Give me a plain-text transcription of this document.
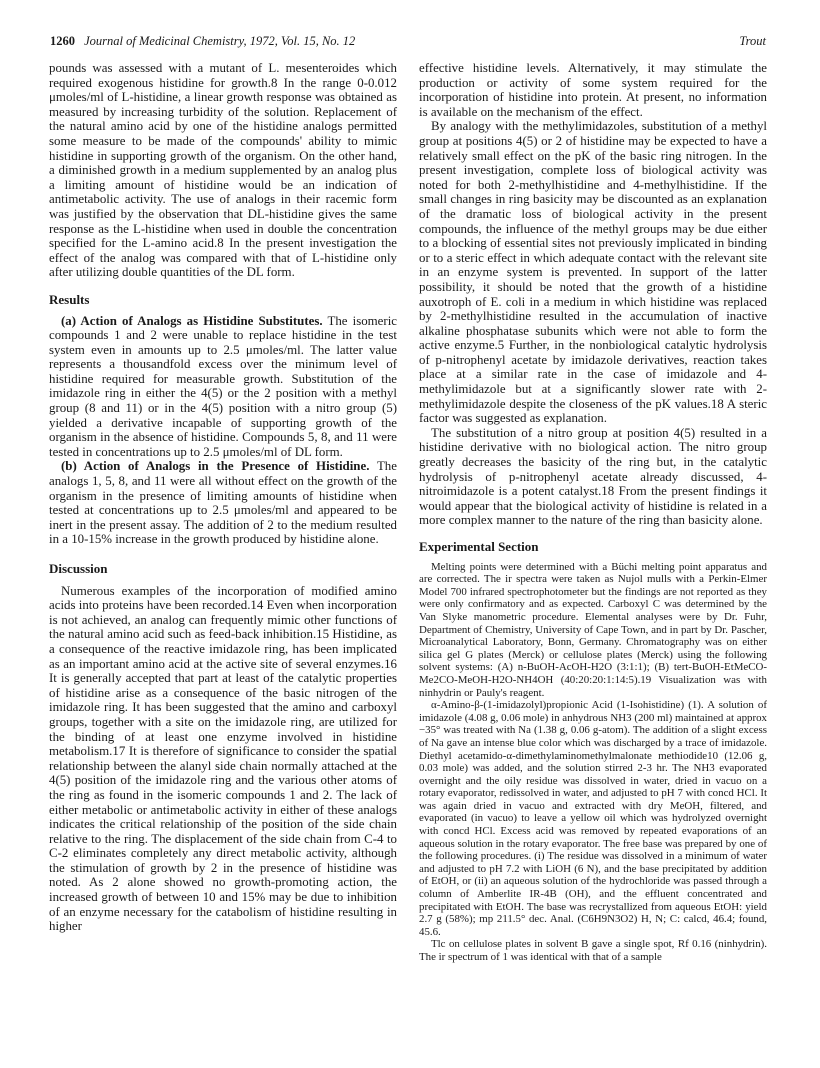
1260 Journal of Medicinal Chemistry, 1972, Vol. 15, No. 12	Trout

pounds was assessed with a mutant of L. mesenteroides which required exogenous histidine for growth.8 In the range 0-0.012 μmoles/ml of L-histidine, a linear growth response was obtained as measured by increasing turbidity of the solution. Replacement of the natural amino acid by one of the histidine analogs permitted some measure to be made of the compounds' ability to mimic histidine in supporting growth of the organism. On the other hand, a diminished growth in a medium supplemented by an analog plus a limiting amount of histidine would be an indication of antimetabolic activity. The use of analogs in their racemic form was justified by the observation that DL-histidine gives the same response as the L-histidine when used in double the concentration specified for the L-amino acid.8 In the present investigation the effect of the analog was compared with that of L-histidine only after utilizing double quantities of the DL form.

Results

(a) Action of Analogs as Histidine Substitutes. The isomeric compounds 1 and 2 were unable to replace histidine in the test system even in amounts up to 2.5 μmoles/ml. The latter value represents a thousandfold excess over the minimum level of histidine required for measurable growth. Substitution of the imidazole ring in either the 4(5) or the 2 position with a methyl group (8 and 11) or in the 4(5) position with a nitro group (5) yielded a derivative incapable of supporting growth of the organism in the absence of histidine. Compounds 5, 8, and 11 were tested in concentrations up to 2.5 μmoles/ml of DL form.

(b) Action of Analogs in the Presence of Histidine. The analogs 1, 5, 8, and 11 were all without effect on the growth of the organism in the presence of limiting amounts of histidine when tested at concentrations up to 2.5 μmoles/ml and appeared to be inert in the present assay. The addition of 2 to the medium resulted in a 10-15% increase in the growth produced by histidine alone.

Discussion

Numerous examples of the incorporation of modified amino acids into proteins have been recorded.14 Even when incorporation is not achieved, an analog can frequently mimic other functions of the natural amino acid such as feed-back inhibition.15 Histidine, as a consequence of the reactive imidazole ring, has been implicated as an important amino acid at the active site of several enzymes.16 It is generally accepted that part at least of the catalytic properties of histidine arise as a consequence of the basic nitrogen of the imidazole ring. It has been suggested that the amino and carboxyl groups, together with a site on the imidazole ring, are utilized for the binding of at least one enzyme involved in histidine metabolism.17 It is therefore of significance to consider the spatial relationship between the alanyl side chain normally attached at the 4(5) position of the imidazole ring and the various other atoms of the ring as found in the isomeric compounds 1 and 2. The lack of either metabolic or antimetabolic activity in either of these analogs indicates the critical relationship of the position of the side chain relative to the ring. The displacement of the side chain from C-4 to C-2 eliminates completely any direct metabolic activity, although the stimulation of growth by 2 in the presence of histidine was noted. As 2 alone showed no growth-promoting action, the increased growth of between 10 and 15% may be due to inhibition of an enzyme necessary for the catabolism of histidine resulting in higher

effective histidine levels. Alternatively, it may stimulate the production or activity of some system required for the incorporation of histidine into protein. At present, no information is available on the mechanism of the effect.

By analogy with the methylimidazoles, substitution of a methyl group at positions 4(5) or 2 of histidine may be expected to have a relatively small effect on the pK of the basic ring nitrogen. In the present investigation, complete loss of biological activity was noted for both 2-methylhistidine and 4-methylhistidine. If the small changes in ring basicity may be discounted as an explanation of the dramatic loss of biological activity in the present compounds, the influence of the methyl groups may be due either to a blocking of essential sites not previously implicated in binding or to a steric effect in which adequate contact with the relevant site in an enzyme system is prevented. In support of the latter possibility, it should be noted that the growth of a histidine auxotroph of E. coli in a medium in which histidine was replaced by 2-methylhistidine resulted in the accumulation of inactive alkaline phosphatase subunits which were not able to form the active enzyme.5 Further, in the nonbiological catalytic hydrolysis of p-nitrophenyl acetate by imidazole derivatives, reaction takes place at a similar rate in the case of imidazole and 4-methylimidazole but at a significantly slower rate with 2-methylimidazole despite the closeness of the pK values.18 A steric factor was suggested as explanation.

The substitution of a nitro group at position 4(5) resulted in a histidine derivative with no biological action. The nitro group greatly decreases the basicity of the ring but, in the catalytic hydrolysis of p-nitrophenyl acetate already discussed, 4-nitroimidazole is a potent catalyst.18 From the present findings it would appear that the biological activity of histidine is related in a more complex manner to the nature of the ring than basicity alone.

Experimental Section

Melting points were determined with a Büchi melting point apparatus and are corrected. The ir spectra were taken as Nujol mulls with a Perkin-Elmer Model 700 infrared spectrophotometer but the findings are not reported as they were only confirmatory and as expected. Carboxyl C was determined by the Van Slyke manometric procedure. Elemental analyses were by Dr. Fuhr, Department of Chemistry, University of Cape Town, and in part by Dr. Pascher, Microanalytical Laboratory, Bonn, Germany. Chromatography was on either silica gel G plates (Merck) or cellulose plates (Merck) using the following solvent systems: (A) n-BuOH-AcOH-H2O (3:1:1); (B) tert-BuOH-EtMeCO-Me2CO-MeOH-H2O-NH4OH (40:20:20:1:14:5).19 Visualization was with ninhydrin or Pauly's reagent.

α-Amino-β-(1-imidazolyl)propionic Acid (1-Isohistidine) (1). A solution of imidazole (4.08 g, 0.06 mole) in anhydrous NH3 (200 ml) maintained at approx −35° was treated with Na (1.38 g, 0.06 g-atom). The addition of a slight excess of Na gave an intense blue color which was discharged by a trace of imidazole. Diethyl acetamido-α-dimethylaminomethylmalonate methiodide10 (12.06 g, 0.03 mole) was added, and the solution stirred 2-3 hr. The NH3 evaporated overnight and the oily residue was dissolved in water, dried in vacuo on a rotary evaporator, redissolved in water, and adjusted to pH 7 with concd HCl. It was again dried in vacuo and extracted with dry MeOH, filtered, and evaporated (in vacuo) to leave a yellow oil which was hydrolyzed overnight with concd HCl. Excess acid was removed by repeated evaporations of an aqueous solution in the rotary evaporator. The free base was prepared by one of the following procedures. (i) The residue was dissolved in a minimum of water and adjusted to pH 7.2 with LiOH (6 N), and the base precipitated by addition of EtOH, or (ii) an aqueous solution of the hydrochloride was passed through a column of Amberlite IR-4B (OH), and the effluent concentrated and precipitated with EtOH. The base was recrystallized from aqueous EtOH: yield 2.7 g (58%); mp 211.5° dec. Anal. (C6H9N3O2) H, N; C: calcd, 46.4; found, 45.6.

Tlc on cellulose plates in solvent B gave a single spot, Rf 0.16 (ninhydrin). The ir spectrum of 1 was identical with that of a sample
